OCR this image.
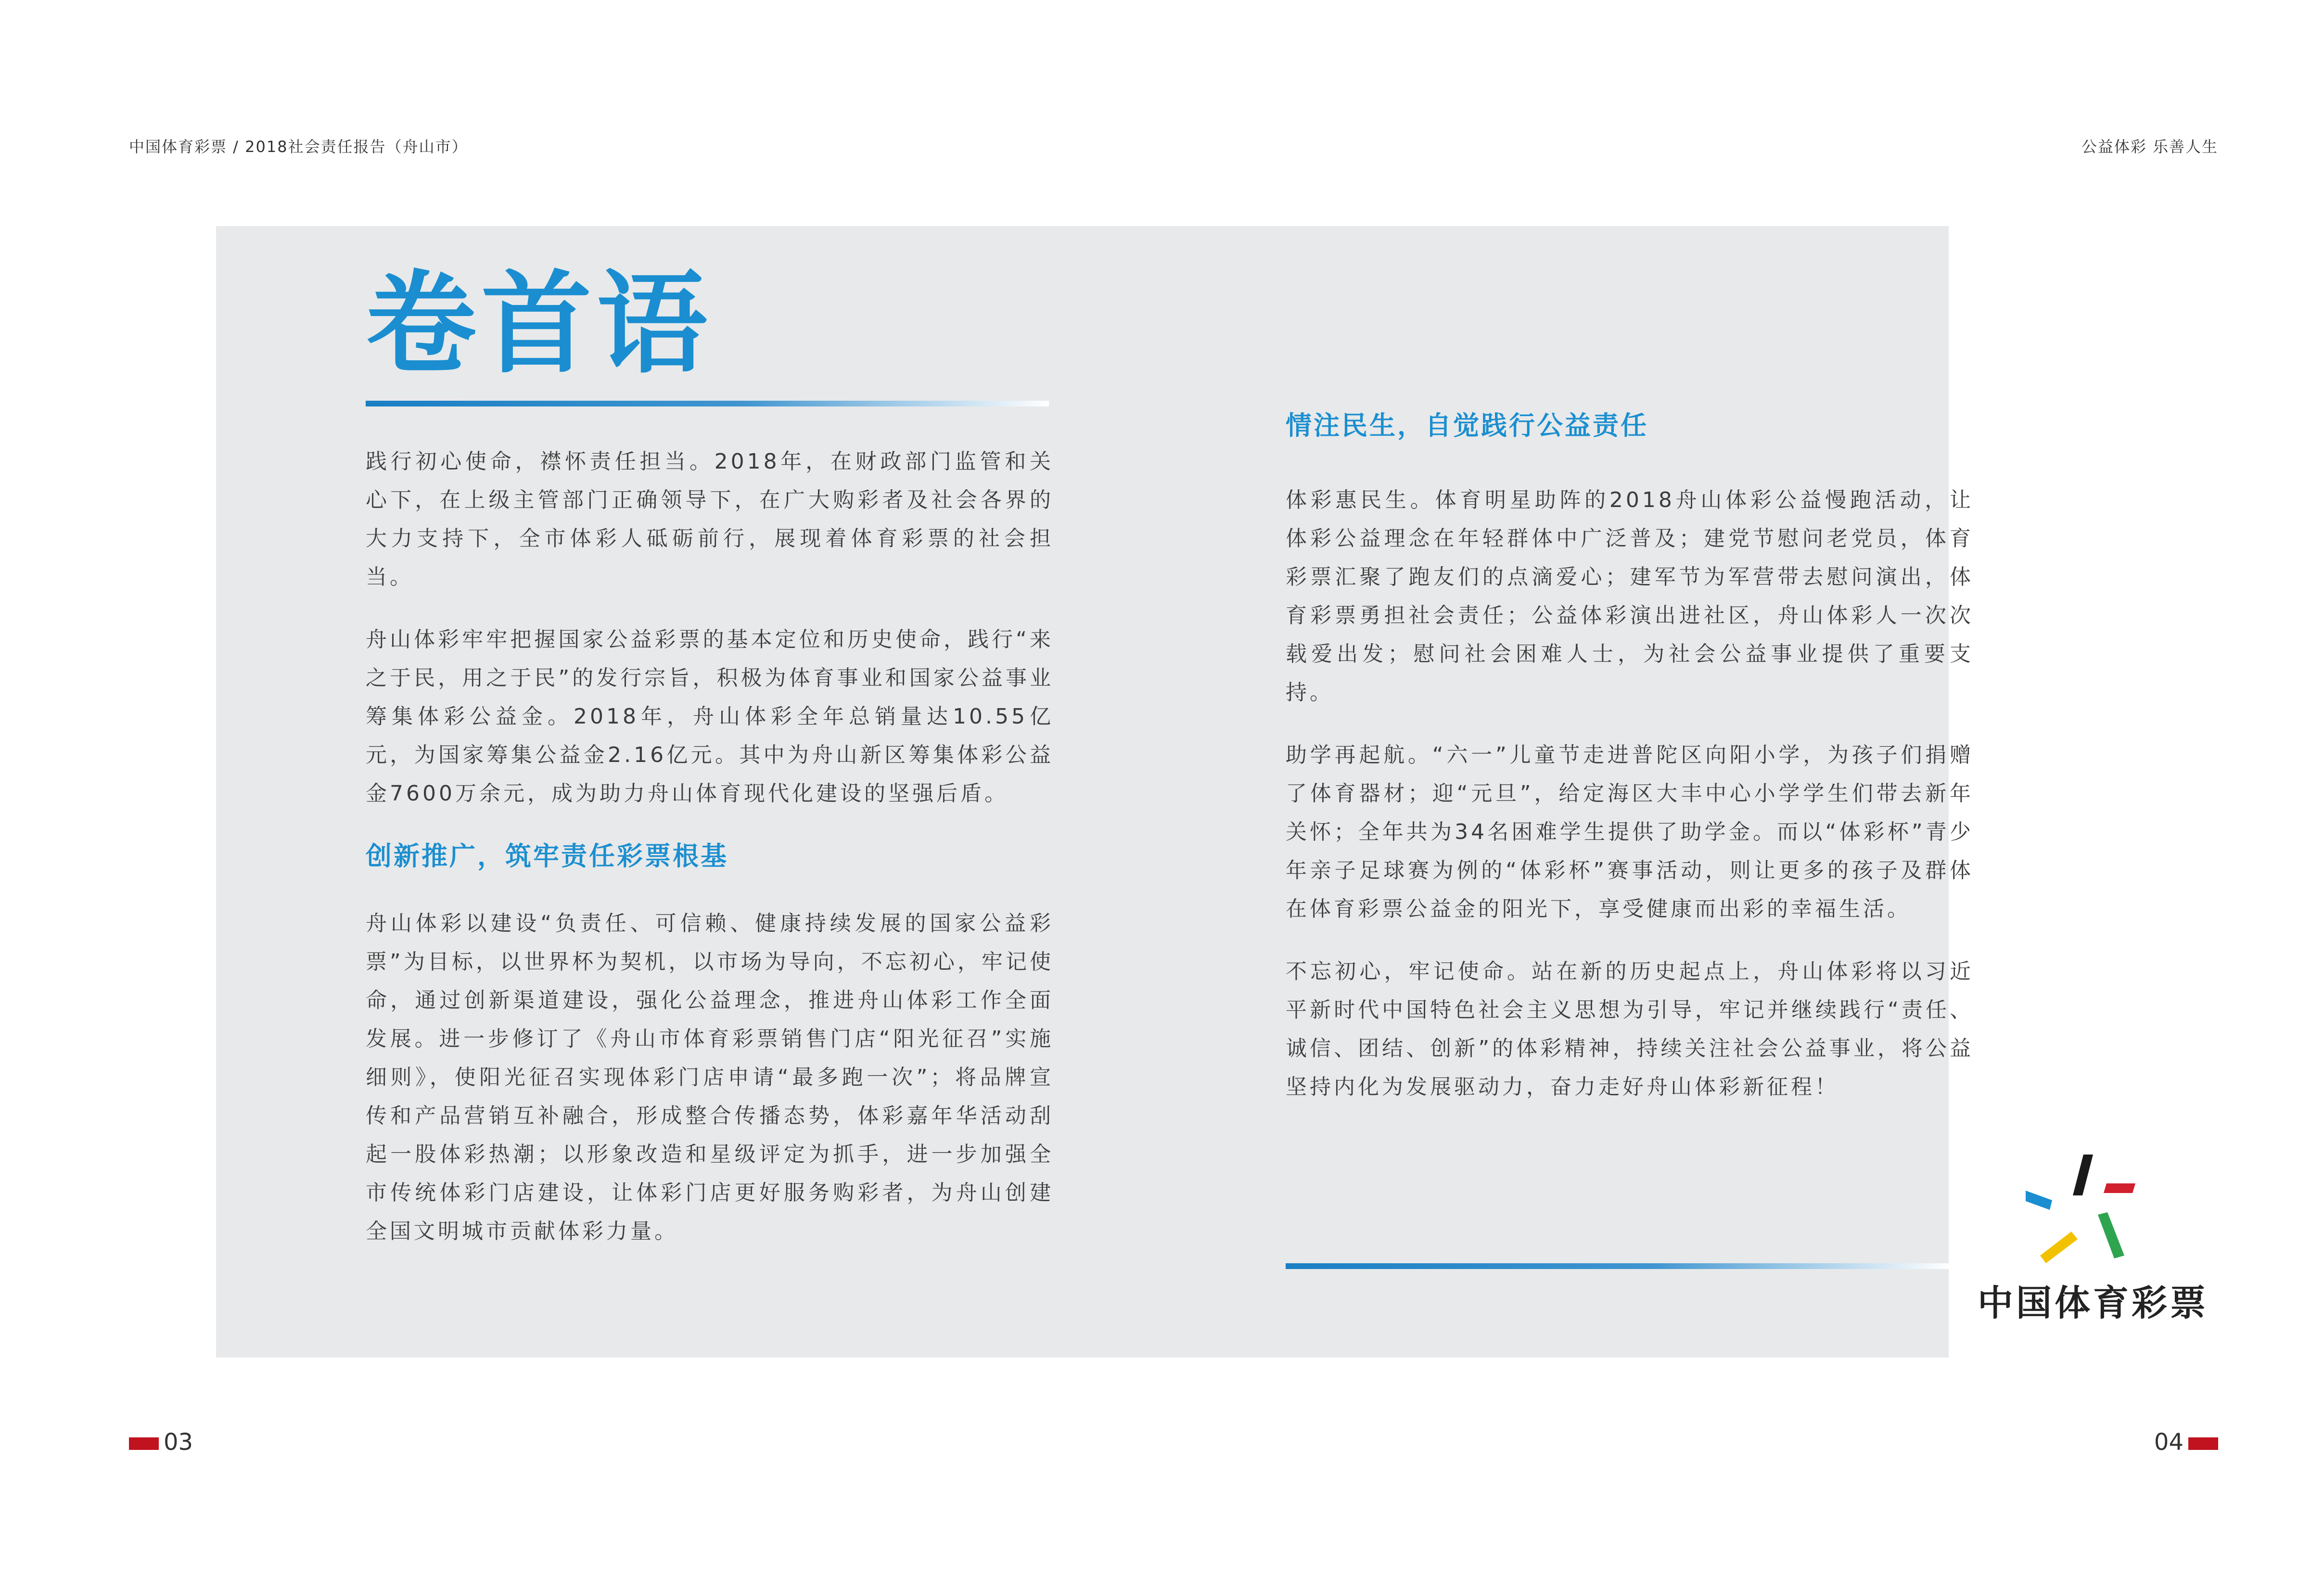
中国体育彩票 / 2018社会责任报告（舟山市）	公益体彩 乐善人生
卷首语

践行初心使命，襟怀责任担当。2018年，在财政部门监管和关心下，在上级主管部门正确领导下，在广大购彩者及社会各界的大力支持下，全市体彩人砥砺前行，展现着体育彩票的社会担当。

舟山体彩牢牢把握国家公益彩票的基本定位和历史使命，践行“来之于民，用之于民”的发行宗旨，积极为体育事业和国家公益事业筹集体彩公益金。2018年，舟山体彩全年总销量达10.55亿元，为国家筹集公益金2.16亿元。其中为舟山新区筹集体彩公益金7600万余元，成为助力舟山体育现代化建设的坚强后盾。

创新推广，筑牢责任彩票根基

舟山体彩以建设“负责任、可信赖、健康持续发展的国家公益彩票”为目标，以世界杯为契机，以市场为导向，不忘初心，牢记使命，通过创新渠道建设，强化公益理念，推进舟山体彩工作全面发展。进一步修订了《舟山市体育彩票销售门店“阳光征召”实施细则》，使阳光征召实现体彩门店申请“最多跑一次”；将品牌宣传和产品营销互补融合，形成整合传播态势，体彩嘉年华活动刮起一股体彩热潮；以形象改造和星级评定为抓手，进一步加强全市传统体彩门店建设，让体彩门店更好服务购彩者，为舟山创建全国文明城市贡献体彩力量。

情注民生，自觉践行公益责任

体彩惠民生。体育明星助阵的2018舟山体彩公益慢跑活动，让体彩公益理念在年轻群体中广泛普及；建党节慰问老党员，体育彩票汇聚了跑友们的点滴爱心；建军节为军营带去慰问演出，体育彩票勇担社会责任；公益体彩演出进社区，舟山体彩人一次次载爱出发；慰问社会困难人士，为社会公益事业提供了重要支持。

助学再起航。“六一”儿童节走进普陀区向阳小学，为孩子们捐赠了体育器材；迎“元旦”，给定海区大丰中心小学学生们带去新年关怀；全年共为34名困难学生提供了助学金。而以“体彩杯”青少年亲子足球赛为例的“体彩杯”赛事活动，则让更多的孩子及群体在体育彩票公益金的阳光下，享受健康而出彩的幸福生活。

不忘初心，牢记使命。站在新的历史起点上，舟山体彩将以习近平新时代中国特色社会主义思想为引导，牢记并继续践行“责任、诚信、团结、创新”的体彩精神，持续关注社会公益事业，将公益坚持内化为发展驱动力，奋力走好舟山体彩新征程！

中国体育彩票
03	04
